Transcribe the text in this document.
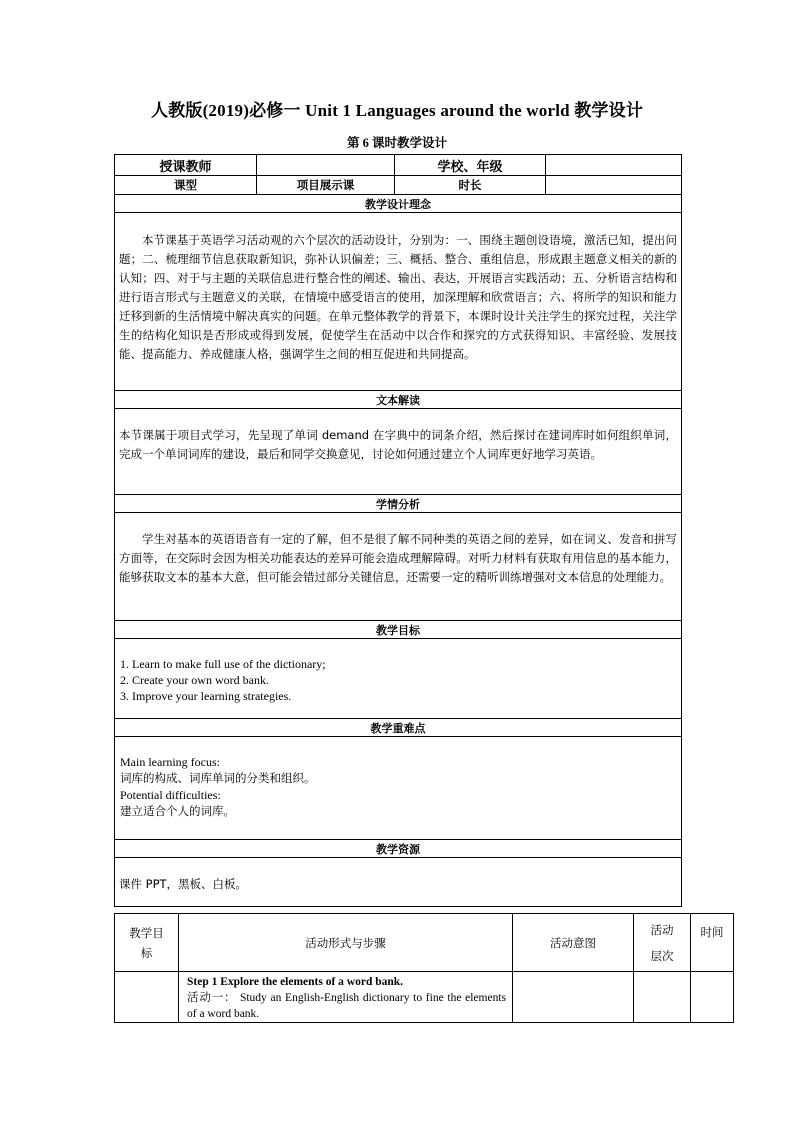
人教版(2019)必修一 Unit 1 Languages around the world 教学设计
第 6 课时教学设计
授课教师		学校、年级	
课型	项目展示课	时长	
教学设计理念			

本节课基于英语学习活动观的六个层次的活动设计，分别为：一、围绕主题创设语境，激活已知，提出问题；二、梳理细节信息获取新知识，弥补认识偏差；三、概括、整合、重组信息，形成跟主题意义相关的新的认知；四、对于与主题的关联信息进行整合性的阐述、输出、表达，开展语言实践活动；五、分析语言结构和进行语言形式与主题意义的关联，在情境中感受语言的使用，加深理解和欣赏语言；六、将所学的知识和能力迁移到新的生活情境中解决真实的问题。在单元整体教学的背景下，本课时设计关注学生的探究过程，关注学生的结构化知识是否形成或得到发展，促使学生在活动中以合作和探究的方式获得知识、丰富经验、发展技能、提高能力、养成健康人格，强调学生之间的相互促进和共同提高。			

文本解读			

本节课属于项目式学习，先呈现了单词 demand 在字典中的词条介绍，然后探讨在建词库时如何组织单词，完成一个单词词库的建设，最后和同学交换意见，讨论如何通过建立个人词库更好地学习英语。			

学情分析			

学生对基本的英语语音有一定的了解，但不是很了解不同种类的英语之间的差异，如在词义、发音和拼写方面等，在交际时会因为相关功能表达的差异可能会造成理解障碍。对听力材料有获取有用信息的基本能力，能够获取文本的基本大意，但可能会错过部分关键信息，还需要一定的精听训练增强对文本信息的处理能力。			

教学目标			

1. Learn to make full use of the dictionary;
2. Create your own word bank.
3. Improve your learning strategies.			

教学重难点			

Main learning focus:
词库的构成、词库单词的分类和组织。
Potential difficulties:
建立适合个人的词库。			

教学资源			

课件 PPT，黑板、白板。			

教学目标	活动形式与步骤	活动意图	活动层次	时间

	Step 1 Explore the elements of a word bank.

活动一： Study an English-English dictionary to fine the elements of a word bank.			
